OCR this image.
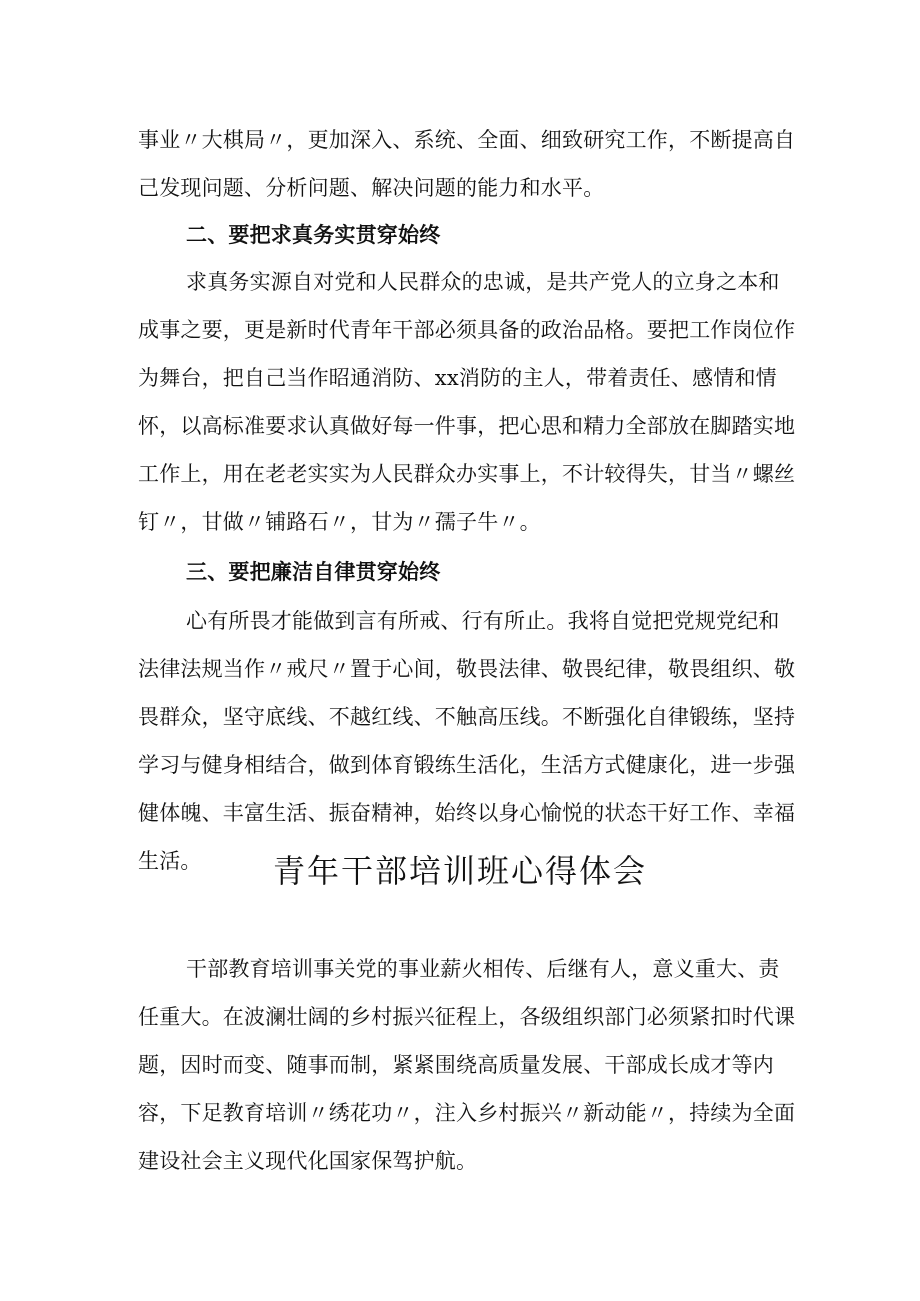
事业〃大棋局〃，更加深入、系统、全面、细致研究工作，不断提高自己发现问题、分析问题、解决问题的能力和水平。
二、要把求真务实贯穿始终
求真务实源自对党和人民群众的忠诚，是共产党人的立身之本和成事之要，更是新时代青年干部必须具备的政治品格。要把工作岗位作为舞台，把自己当作昭通消防、xx消防的主人，带着责任、感情和情怀，以高标准要求认真做好每一件事，把心思和精力全部放在脚踏实地工作上，用在老老实实为人民群众办实事上，不计较得失，甘当〃螺丝钉〃，甘做〃铺路石〃，甘为〃孺子牛〃。
三、要把廉洁自律贯穿始终
心有所畏才能做到言有所戒、行有所止。我将自觉把党规党纪和法律法规当作〃戒尺〃置于心间，敬畏法律、敬畏纪律，敬畏组织、敬畏群众，坚守底线、不越红线、不触高压线。不断强化自律锻练，坚持学习与健身相结合，做到体育锻练生活化，生活方式健康化，进一步强健体魄、丰富生活、振奋精神，始终以身心愉悦的状态干好工作、幸福生活。	青年干部培训班心得体会
干部教育培训事关党的事业薪火相传、后继有人，意义重大、责任重大。在波澜壮阔的乡村振兴征程上，各级组织部门必须紧扣时代课题，因时而变、随事而制，紧紧围绕高质量发展、干部成长成才等内容，下足教育培训〃绣花功〃，注入乡村振兴〃新动能〃，持续为全面建设社会主义现代化国家保驾护航。
